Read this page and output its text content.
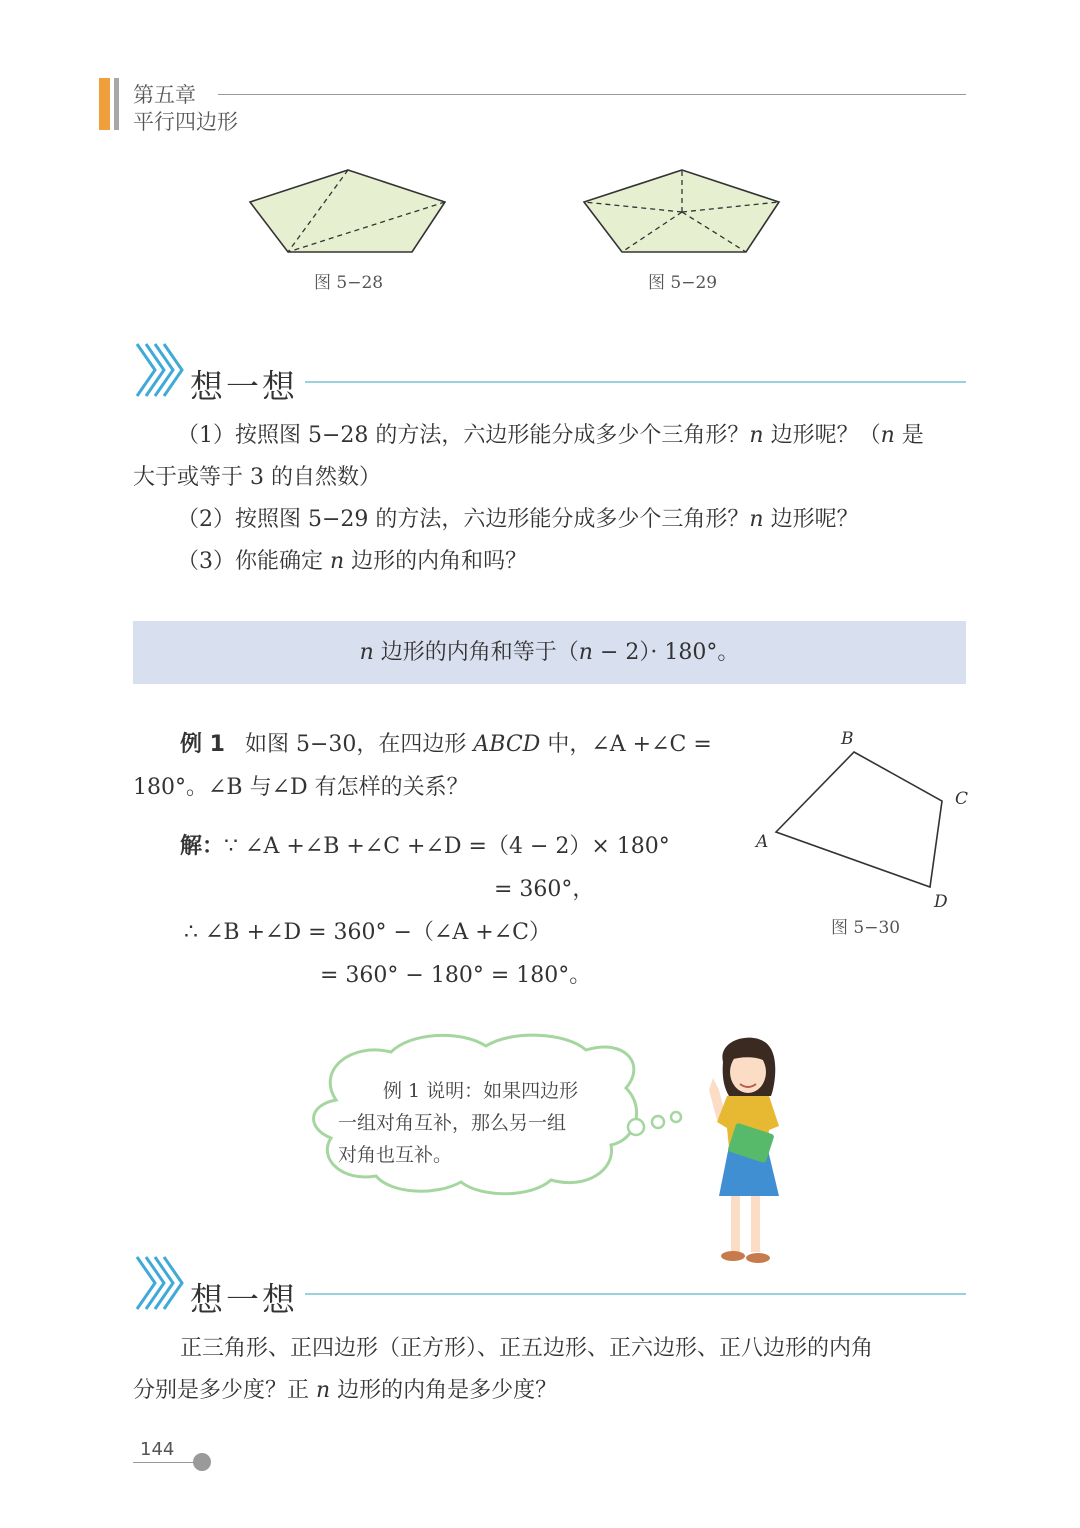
第五章
平行四边形
图 5−28	图 5−29
想一想
（1）按照图 5−28 的方法，六边形能分成多少个三角形？n 边形呢？（n 是
大于或等于 3 的自然数）
（2）按照图 5−29 的方法，六边形能分成多少个三角形？n 边形呢？
（3）你能确定 n 边形的内角和吗？
n 边形的内角和等于（n − 2）· 180°。
例 1 如图 5−30，在四边形 ABCD 中，∠A +∠C =
180°。∠B 与∠D 有怎样的关系？
解：∵ ∠A +∠B +∠C +∠D =（4 − 2）× 180°
= 360°，
∴ ∠B +∠D = 360° −（∠A +∠C）
= 360° − 180° = 180°。
B
C
A
D
图 5−30
例 1 说明：如果四边形
一组对角互补，那么另一组
对角也互补。
想一想
正三角形、正四边形（正方形）、正五边形、正六边形、正八边形的内角
分别是多少度？正 n 边形的内角是多少度？
144
